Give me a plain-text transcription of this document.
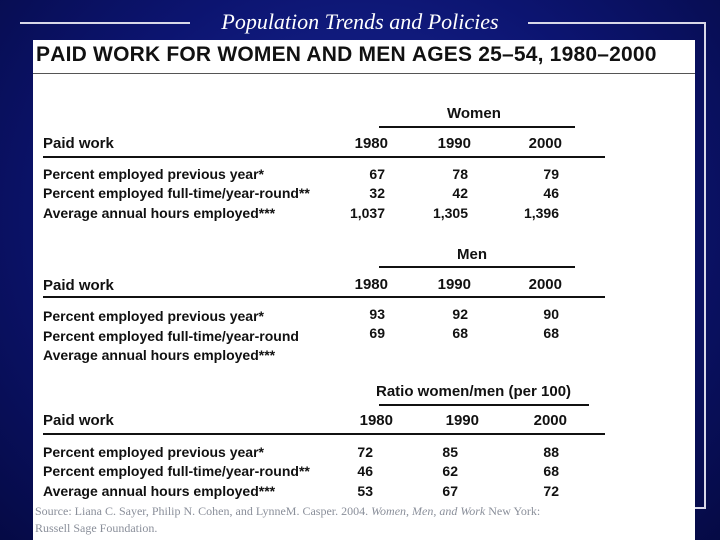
Population Trends and Policies
PAID WORK FOR WOMEN AND MEN AGES 25–54, 1980–2000
Women
Paid work	1980	1990	2000
Percent employed previous year*	67	78	79
Percent employed full-time/year-round**	32	42	46
Average annual hours employed***	1,037	1,305	1,396
Men
Paid work	1980	1990	2000
Percent employed previous year*	93	92	90
Percent employed full-time/year-round	69	68	68
Average annual hours employed***
Ratio women/men (per 100)
Paid work	1980	1990	2000
Percent employed previous year*	72	85	88
Percent employed full-time/year-round**	46	62	68
Average annual hours employed***	53	67	72
Source: Liana C. Sayer, Philip N. Cohen, and LynneM. Casper. 2004. Women, Men, and Work New York: Russell Sage Foundation.
